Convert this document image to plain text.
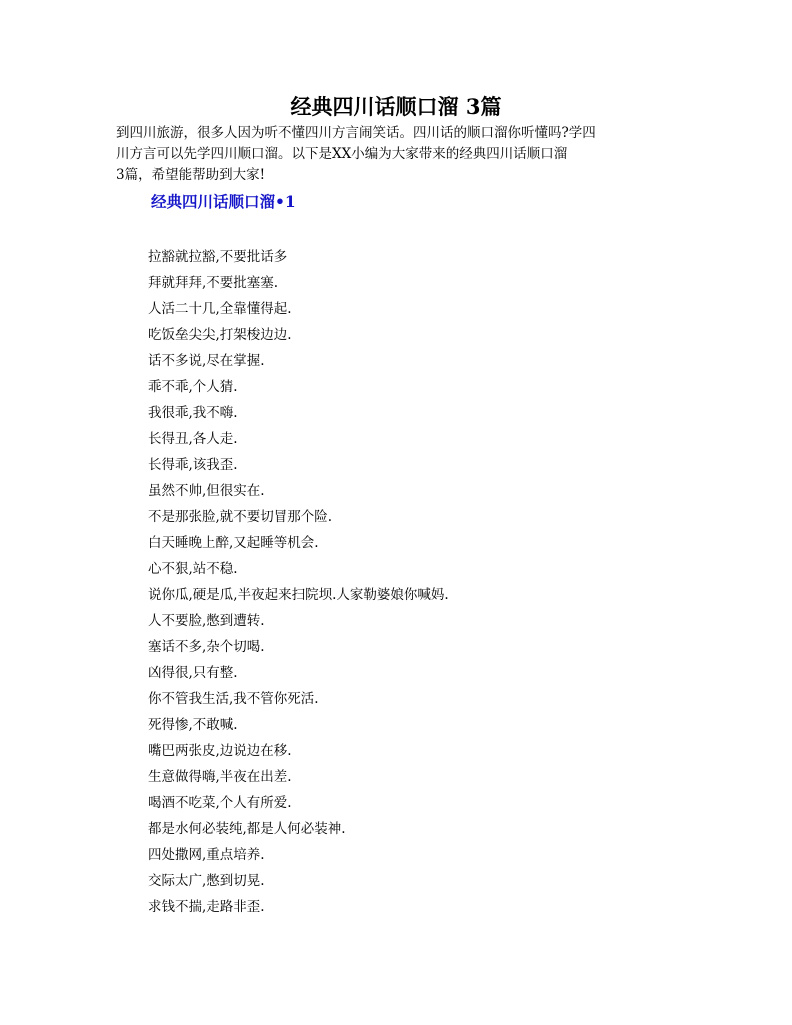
经典四川话顺口溜 3篇

到四川旅游，很多人因为听不懂四川方言闹笑话。四川话的顺口溜你听懂吗?学四
川方言可以先学四川顺口溜。以下是XX小编为大家带来的经典四川话顺口溜
3篇，希望能帮助到大家!

经典四川话顺口溜•1
拉豁就拉豁,不要批话多
拜就拜拜,不要批塞塞.
人活二十几,全靠懂得起.
吃饭垒尖尖,打架梭边边.
话不多说,尽在掌握.
乖不乖,个人猜.
我很乖,我不嗨.
长得丑,各人走.
长得乖,该我歪.
虽然不帅,但很实在.
不是那张脸,就不要切冒那个险.
白天睡晚上醉,又起睡等机会.
心不狠,站不稳.
说你瓜,硬是瓜,半夜起来扫院坝.人家勒婆娘你喊妈.
人不要脸,憋到遭转.
塞话不多,杂个切喝.
凶得很,只有整.
你不管我生活,我不管你死活.
死得惨,不敢喊.
嘴巴两张皮,边说边在移.
生意做得嗨,半夜在出差.
喝酒不吃菜,个人有所爱.
都是水何必装纯,都是人何必装神.
四处撒网,重点培养.
交际太广,憋到切晃.
求钱不揣,走路非歪.
